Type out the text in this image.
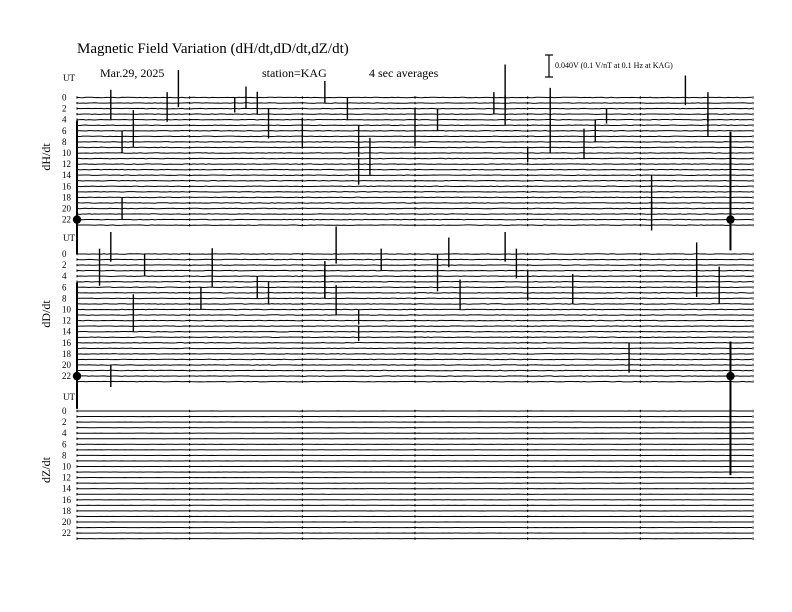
Magnetic Field Variation (dH/dt,dD/dt,dZ/dt)
Mar.29, 2025	station=KAG	4 sec averages
0.040V (0.1 V/nT at 0.1 Hz at KAG)
UT
dH/dt
0
2
4
6
8
10
12
14
16
18
20
22
UT
dD/dt
0
2
4
6
8
10
12
14
16
18
20
22
UT
dZ/dt
0
2
4
6
8
10
12
14
16
18
20
22
